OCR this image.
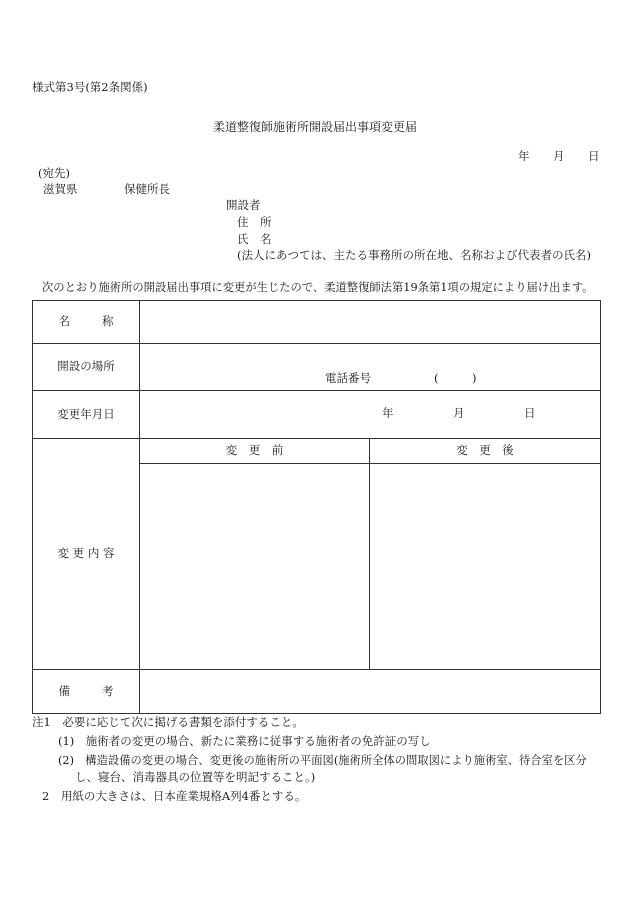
様式第3号(第2条関係)
柔道整復師施術所開設届出事項変更届
年 月 日
(宛先)
滋賀県	保健所長
開設者
住　所
氏　名
(法人にあつては、主たる事務所の所在地、名称および代表者の氏名)
次のとおり施術所の開設届出事項に変更が生じたので、柔道整復師法第19条第1項の規定により届け出ます。
名 称		
開設の場所	電話番号 ( )	

変更年月日	年 月 日	

変 更 内 容	変　更　前	変　更　後

備 考		
注1　必要に応じて次に掲げる書類を添付すること。
(1)　施術者の変更の場合、新たに業務に従事する施術者の免許証の写し
(2)　構造設備の変更の場合、変更後の施術所の平面図(施術所全体の間取図により施術室、待合室を区分
し、寝台、消毒器具の位置等を明記すること。)
2　用紙の大きさは、日本産業規格A列4番とする。
